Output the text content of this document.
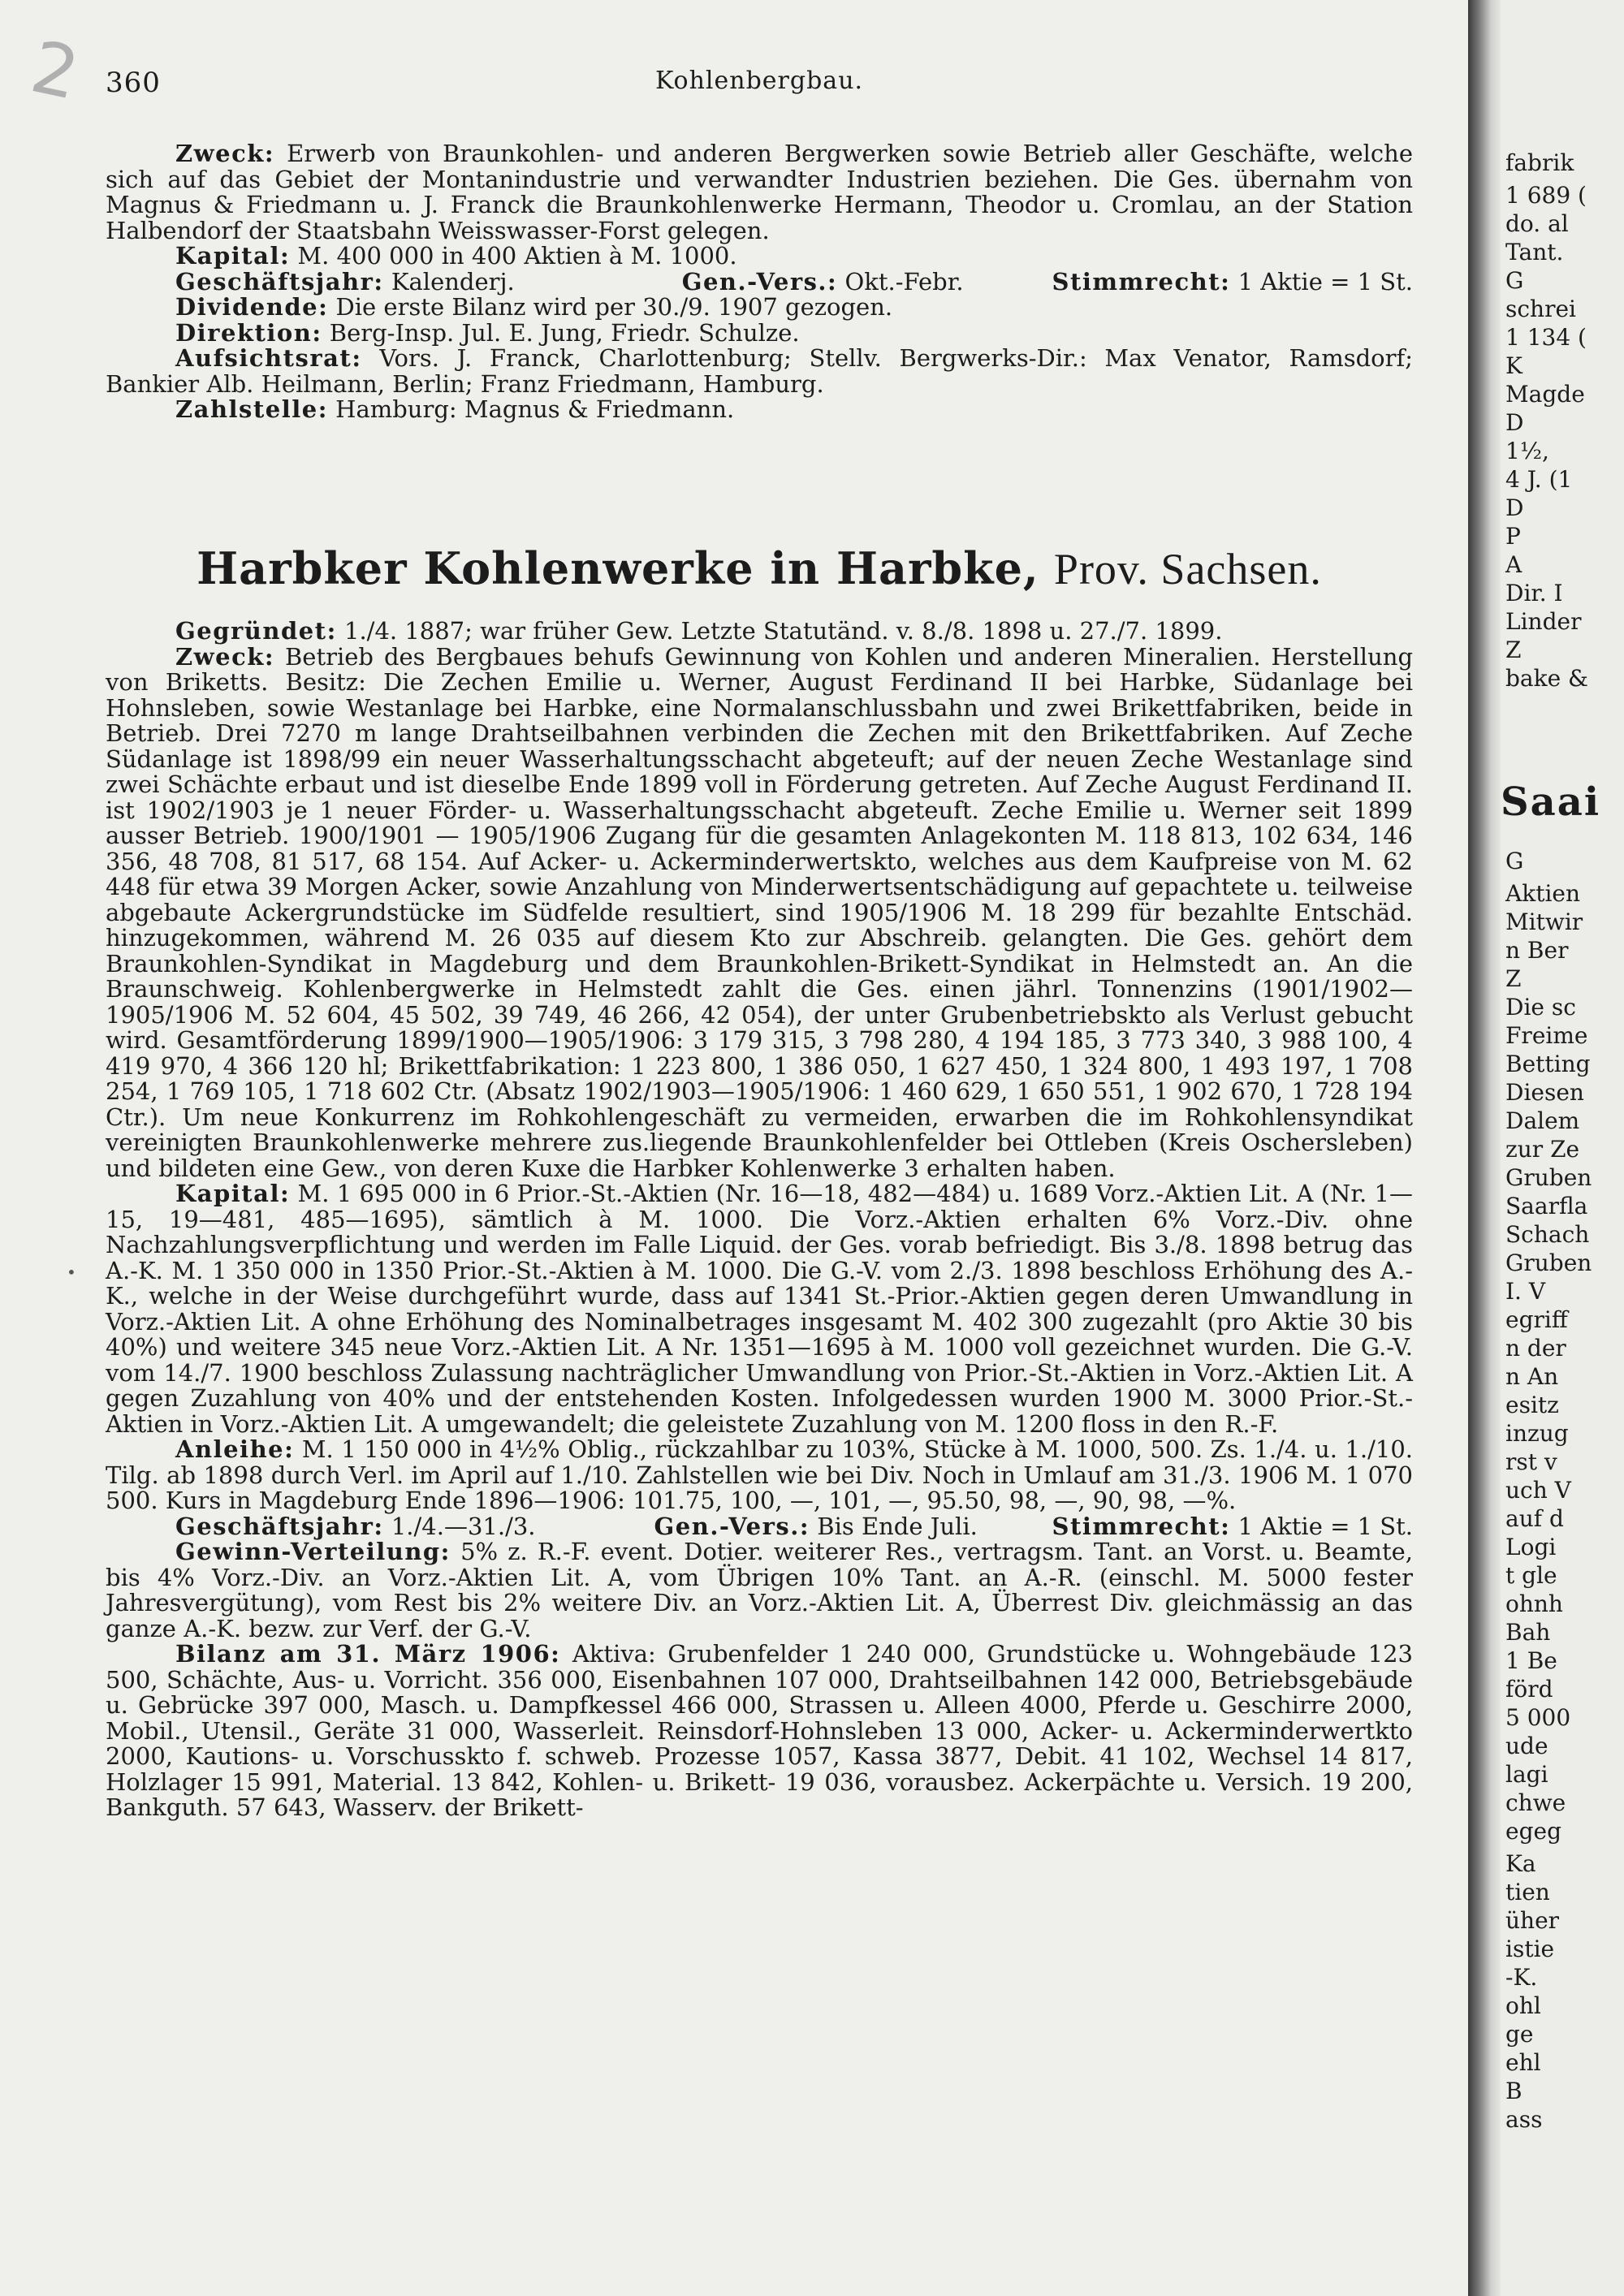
2
•
360	Kohlenbergbau.

Zweck: Erwerb von Braunkohlen- und anderen Bergwerken sowie Betrieb aller Geschäfte, welche sich auf das Gebiet der Montanindustrie und verwandter Industrien beziehen. Die Ges. übernahm von Magnus & Friedmann u. J. Franck die Braunkohlenwerke Hermann, Theodor u. Cromlau, an der Station Halbendorf der Staatsbahn Weisswasser-Forst gelegen.

Kapital: M. 400 000 in 400 Aktien à M. 1000.

Geschäftsjahr: Kalenderj.	Gen.-Vers.: Okt.-Febr.	Stimmrecht: 1 Aktie = 1 St.

Dividende: Die erste Bilanz wird per 30./9. 1907 gezogen.

Direktion: Berg-Insp. Jul. E. Jung, Friedr. Schulze.

Aufsichtsrat: Vors. J. Franck, Charlottenburg; Stellv. Bergwerks-Dir.: Max Venator, Ramsdorf; Bankier Alb. Heilmann, Berlin; Franz Friedmann, Hamburg.

Zahlstelle: Hamburg: Magnus & Friedmann.

Harbker Kohlenwerke in Harbke, Prov. Sachsen.

Gegründet: 1./4. 1887; war früher Gew. Letzte Statutänd. v. 8./8. 1898 u. 27./7. 1899.

Zweck: Betrieb des Bergbaues behufs Gewinnung von Kohlen und anderen Mineralien. Herstellung von Briketts. Besitz: Die Zechen Emilie u. Werner, August Ferdinand II bei Harbke, Südanlage bei Hohnsleben, sowie Westanlage bei Harbke, eine Normalanschlussbahn und zwei Brikettfabriken, beide in Betrieb. Drei 7270 m lange Drahtseilbahnen verbinden die Zechen mit den Brikettfabriken. Auf Zeche Südanlage ist 1898/99 ein neuer Wasserhaltungsschacht abgeteuft; auf der neuen Zeche Westanlage sind zwei Schächte erbaut und ist dieselbe Ende 1899 voll in Förderung getreten. Auf Zeche August Ferdinand II. ist 1902/1903 je 1 neuer Förder- u. Wasserhaltungsschacht abgeteuft. Zeche Emilie u. Werner seit 1899 ausser Betrieb. 1900/1901 — 1905/1906 Zugang für die gesamten Anlagekonten M. 118 813, 102 634, 146 356, 48 708, 81 517, 68 154. Auf Acker- u. Ackerminderwertskto, welches aus dem Kaufpreise von M. 62 448 für etwa 39 Morgen Acker, sowie Anzahlung von Minderwertsentschädigung auf gepachtete u. teilweise abgebaute Ackergrundstücke im Südfelde resultiert, sind 1905/1906 M. 18 299 für bezahlte Entschäd. hinzugekommen, während M. 26 035 auf diesem Kto zur Abschreib. gelangten. Die Ges. gehört dem Braunkohlen-Syndikat in Magdeburg und dem Braunkohlen-Brikett-Syndikat in Helmstedt an. An die Braunschweig. Kohlenbergwerke in Helmstedt zahlt die Ges. einen jährl. Tonnenzins (1901/1902—1905/1906 M. 52 604, 45 502, 39 749, 46 266, 42 054), der unter Grubenbetriebskto als Verlust gebucht wird. Gesamtförderung 1899/1900—1905/1906: 3 179 315, 3 798 280, 4 194 185, 3 773 340, 3 988 100, 4 419 970, 4 366 120 hl; Brikettfabrikation: 1 223 800, 1 386 050, 1 627 450, 1 324 800, 1 493 197, 1 708 254, 1 769 105, 1 718 602 Ctr. (Absatz 1902/1903—1905/1906: 1 460 629, 1 650 551, 1 902 670, 1 728 194 Ctr.). Um neue Konkurrenz im Rohkohlengeschäft zu vermeiden, erwarben die im Rohkohlensyndikat vereinigten Braunkohlenwerke mehrere zus.liegende Braunkohlenfelder bei Ottleben (Kreis Oschersleben) und bildeten eine Gew., von deren Kuxe die Harbker Kohlenwerke 3 erhalten haben.

Kapital: M. 1 695 000 in 6 Prior.-St.-Aktien (Nr. 16—18, 482—484) u. 1689 Vorz.-Aktien Lit. A (Nr. 1—15, 19—481, 485—1695), sämtlich à M. 1000. Die Vorz.-Aktien erhalten 6% Vorz.-Div. ohne Nachzahlungsverpflichtung und werden im Falle Liquid. der Ges. vorab befriedigt. Bis 3./8. 1898 betrug das A.-K. M. 1 350 000 in 1350 Prior.-St.-Aktien à M. 1000. Die G.-V. vom 2./3. 1898 beschloss Erhöhung des A.-K., welche in der Weise durchgeführt wurde, dass auf 1341 St.-Prior.-Aktien gegen deren Umwandlung in Vorz.-Aktien Lit. A ohne Erhöhung des Nominalbetrages insgesamt M. 402 300 zugezahlt (pro Aktie 30 bis 40%) und weitere 345 neue Vorz.-Aktien Lit. A Nr. 1351—1695 à M. 1000 voll gezeichnet wurden. Die G.-V. vom 14./7. 1900 beschloss Zulassung nachträglicher Umwandlung von Prior.-St.-Aktien in Vorz.-Aktien Lit. A gegen Zuzahlung von 40% und der entstehenden Kosten. Infolgedessen wurden 1900 M. 3000 Prior.-St.-Aktien in Vorz.-Aktien Lit. A umgewandelt; die geleistete Zuzahlung von M. 1200 floss in den R.-F.

Anleihe: M. 1 150 000 in 4½% Oblig., rückzahlbar zu 103%, Stücke à M. 1000, 500. Zs. 1./4. u. 1./10. Tilg. ab 1898 durch Verl. im April auf 1./10. Zahlstellen wie bei Div. Noch in Umlauf am 31./3. 1906 M. 1 070 500. Kurs in Magdeburg Ende 1896—1906: 101.75, 100, —, 101, —, 95.50, 98, —, 90, 98, —%.

Geschäftsjahr: 1./4.—31./3.	Gen.-Vers.: Bis Ende Juli.	Stimmrecht: 1 Aktie = 1 St.

Gewinn-Verteilung: 5% z. R.-F. event. Dotier. weiterer Res., vertragsm. Tant. an Vorst. u. Beamte, bis 4% Vorz.-Div. an Vorz.-Aktien Lit. A, vom Übrigen 10% Tant. an A.-R. (einschl. M. 5000 fester Jahresvergütung), vom Rest bis 2% weitere Div. an Vorz.-Aktien Lit. A, Überrest Div. gleichmässig an das ganze A.-K. bezw. zur Verf. der G.-V.

Bilanz am 31. März 1906: Aktiva: Grubenfelder 1 240 000, Grundstücke u. Wohngebäude 123 500, Schächte, Aus- u. Vorricht. 356 000, Eisenbahnen 107 000, Drahtseilbahnen 142 000, Betriebsgebäude u. Gebrücke 397 000, Masch. u. Dampfkessel 466 000, Strassen u. Alleen 4000, Pferde u. Geschirre 2000, Mobil., Utensil., Geräte 31 000, Wasserleit. Reinsdorf-Hohnsleben 13 000, Acker- u. Ackerminderwertkto 2000, Kautions- u. Vorschusskto f. schweb. Prozesse 1057, Kassa 3877, Debit. 41 102, Wechsel 14 817, Holzlager 15 991, Material. 13 842, Kohlen- u. Brikett- 19 036, vorausbez. Ackerpächte u. Versich. 19 200, Bankguth. 57 643, Wasserv. der Brikett-

Saai
fabrik
1 689 (
do. al
Tant.
G
schrei
1 134 (
K
Magde
D
1½,
4 J. (1
D
P
A
Dir. I
Linder
Z
bake &
G
Aktien
Mitwir
n Ber
Z
Die sc
Freime
Betting
Diesen
Dalem
zur Ze
Gruben
Saarfla
Schach
Gruben
I. V
egriff
n der
n An
esitz
inzug
rst v
uch V
auf d
Logi
t gle
ohnh
Bah
1 Be
förd
5 000
ude
lagi
chwe
egeg
Ka
tien
üher
istie
-K.
ohl
ge
ehl
B
ass
